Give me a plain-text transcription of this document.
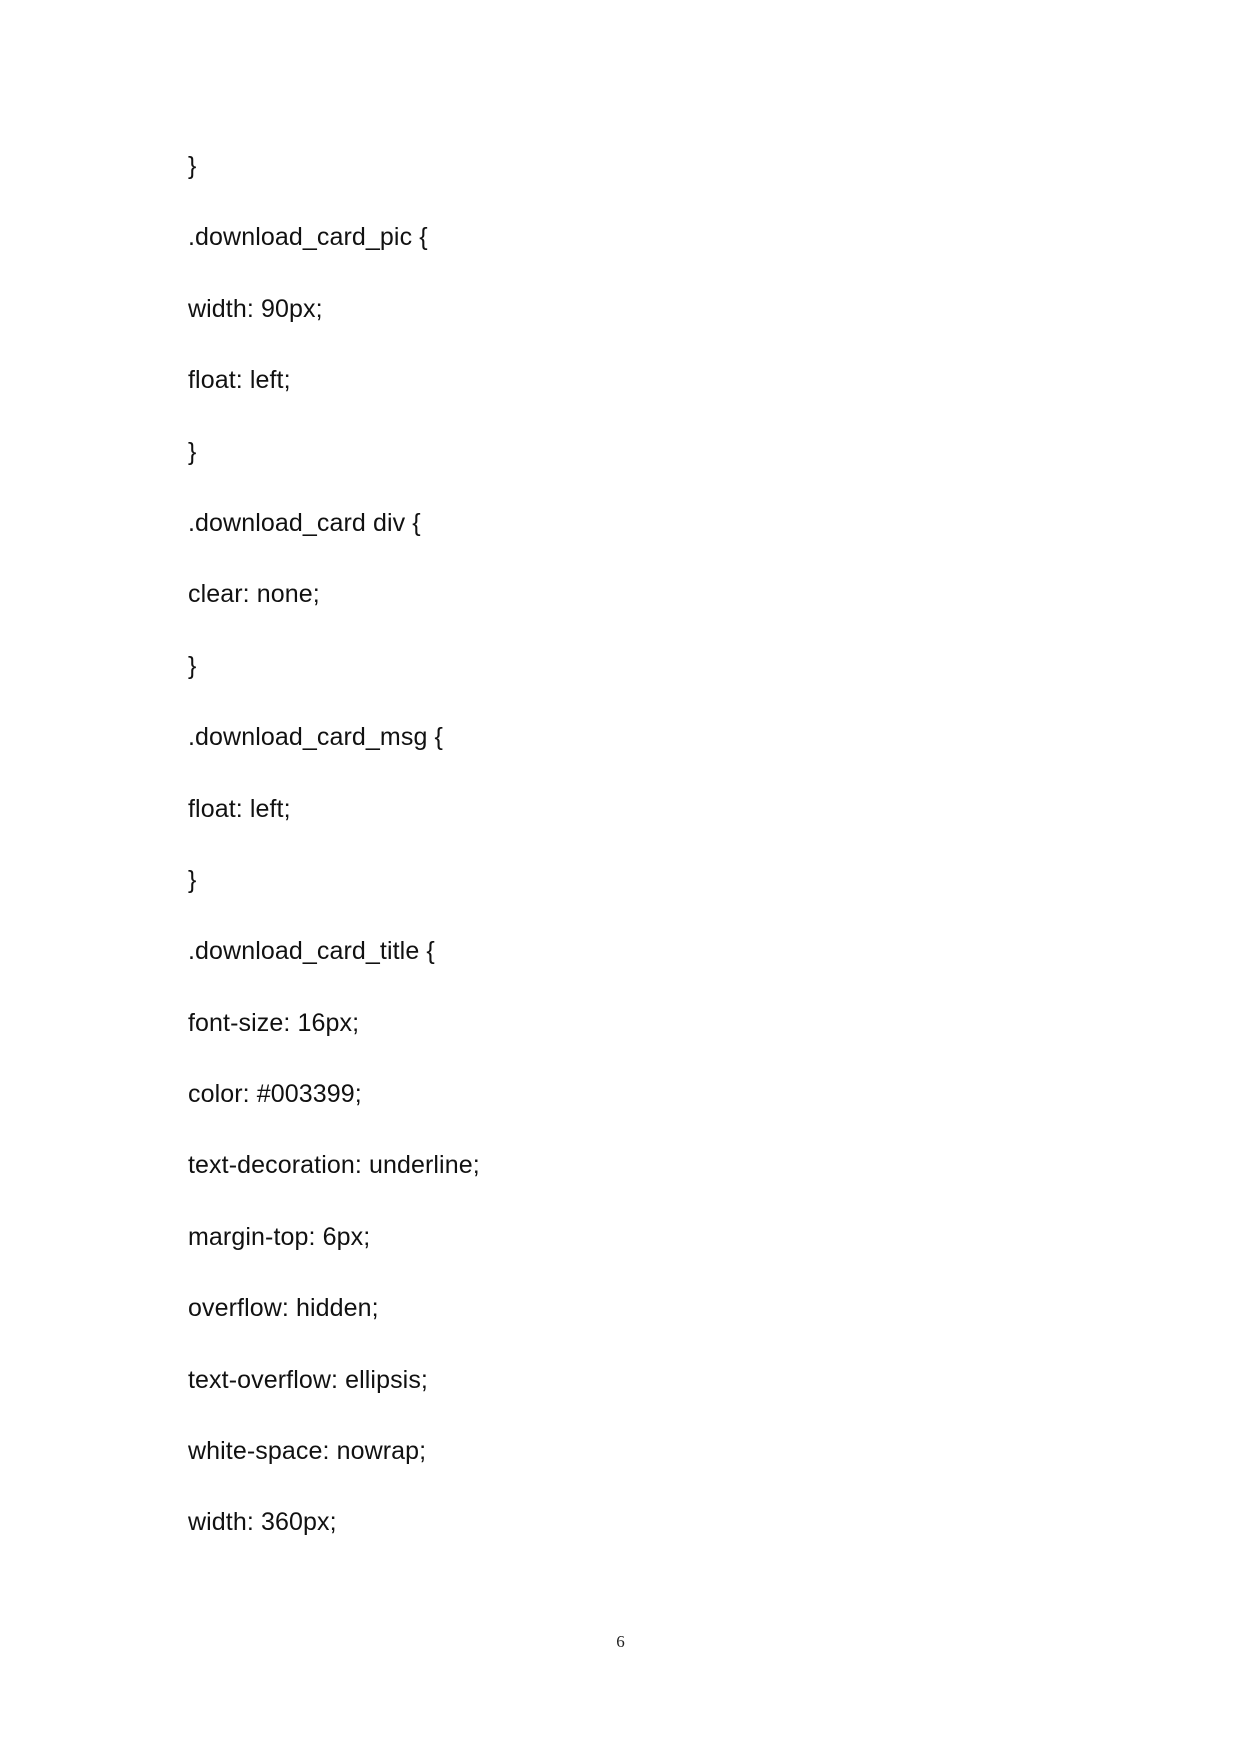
}
.download_card_pic {
width: 90px;
float: left;
}
.download_card div {
clear: none;
}
.download_card_msg {
float: left;
}
.download_card_title {
font-size: 16px;
color: #003399;
text-decoration: underline;
margin-top: 6px;
overflow: hidden;
text-overflow: ellipsis;
white-space: nowrap;
width: 360px;
6
